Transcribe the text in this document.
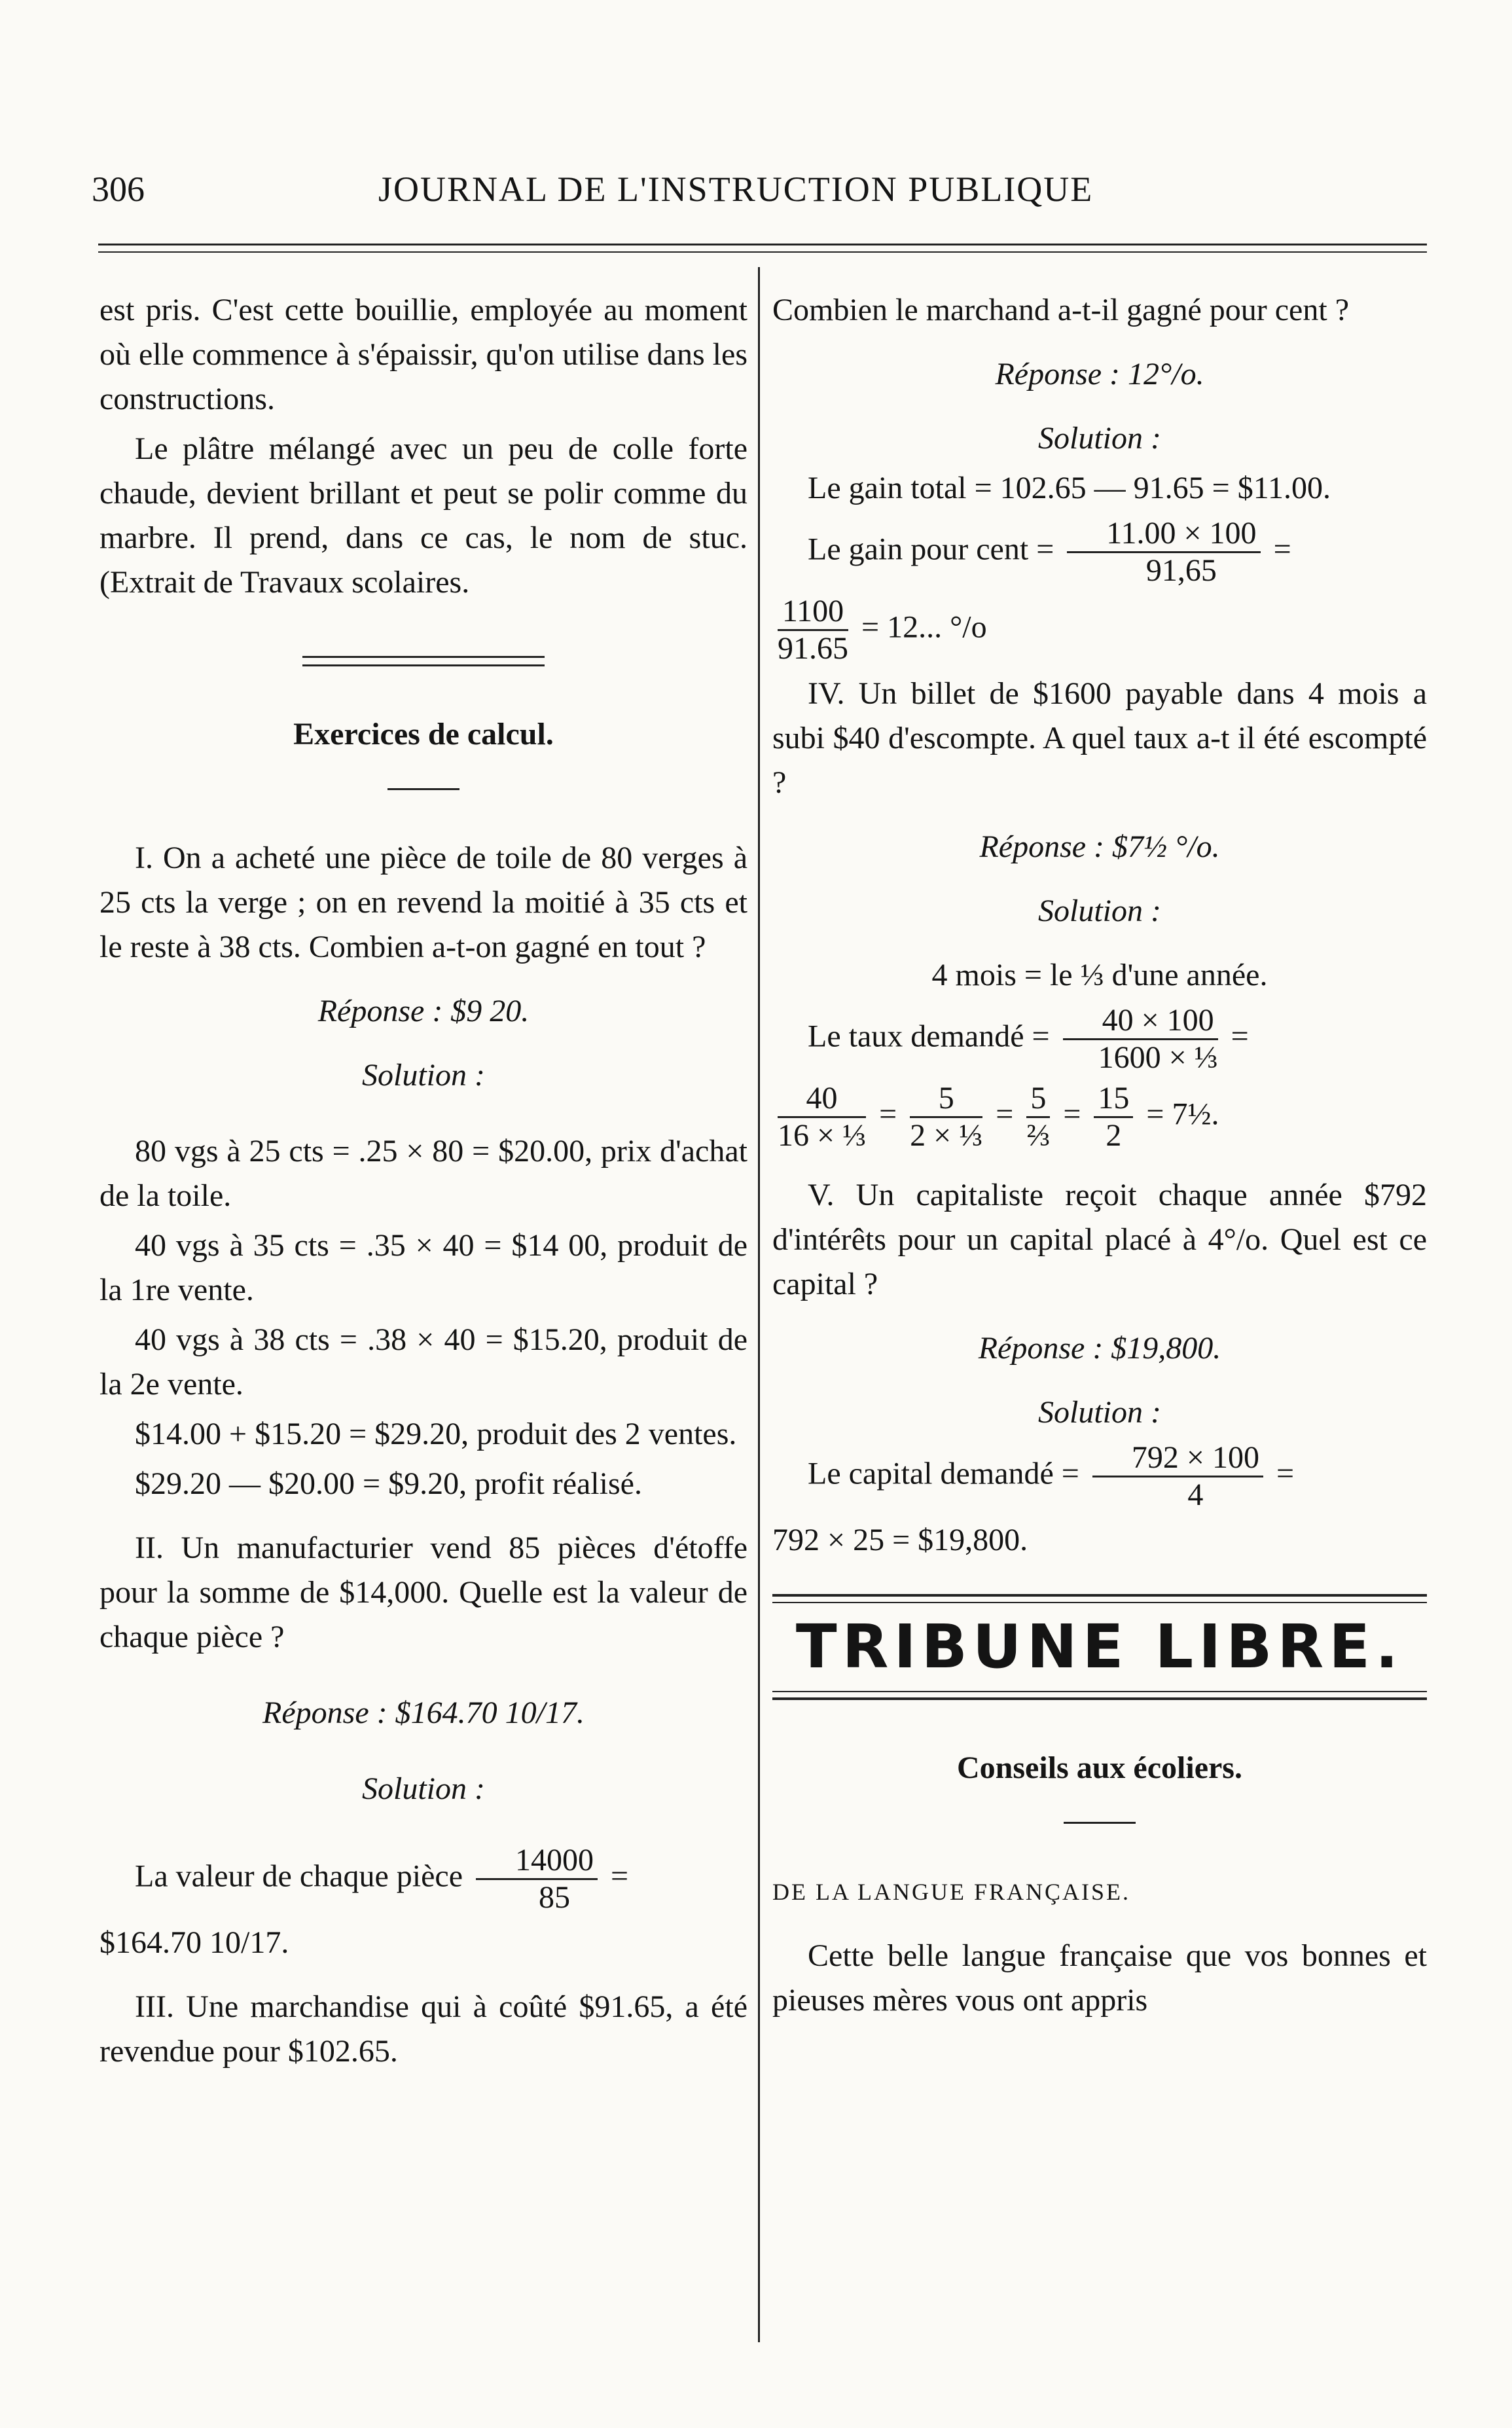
306	JOURNAL DE L'INSTRUCTION PUBLIQUE

est pris. C'est cette bouillie, employée au moment où elle commence à s'épaissir, qu'on utilise dans les constructions.

Le plâtre mélangé avec un peu de colle forte chaude, devient brillant et peut se polir comme du marbre. Il prend, dans ce cas, le nom de stuc. (Extrait de Travaux scolaires.

Exercices de calcul.

I. On a acheté une pièce de toile de 80 verges à 25 cts la verge ; on en revend la moitié à 35 cts et le reste à 38 cts. Combien a-t-on gagné en tout ?

Réponse : $9 20.

Solution :

80 vgs à 25 cts = .25 × 80 = $20.00, prix d'achat de la toile.

40 vgs à 35 cts = .35 × 40 = $14 00, produit de la 1re vente.

40 vgs à 38 cts = .38 × 40 = $15.20, produit de la 2e vente.

$14.00 + $15.20 = $29.20, produit des 2 ventes.

$29.20 — $20.00 = $9.20, profit réalisé.

II. Un manufacturier vend 85 pièces d'étoffe pour la somme de $14,000. Quelle est la valeur de chaque pièce ?

Réponse : $164.70 10/17.

Solution :

La valeur de chaque pièce $\frac{14000}{85}$ =

$164.70 10/17.

III. Une marchandise qui à coûté $91.65, a été revendue pour $102.65.

Combien le marchand a-t-il gagné pour cent ?

Réponse : 12°/o.

Solution :

Le gain total = 102.65 — 91.65 = $11.00.

Le gain pour cent = $\frac{11.00 \times 100}{91,65}$ =

$\frac{1100}{91.65} = 12$... °/o

IV. Un billet de $1600 payable dans 4 mois a subi $40 d'escompte. A quel taux a-t il été escompté ?

Réponse : $7½ °/o.

Solution :

4 mois = le ⅓ d'une année.

Le taux demandé = $\frac{40 \times 100}{\text{1600 × ⅓}}$ =

$\frac{40}{\text{16 × ⅓}} = \frac{5}{\text{2 × ⅓}} = \frac{5}{\text{⅔}} = \frac{15}{2}$ = 7½.

V. Un capitaliste reçoit chaque année $792 d'intérêts pour un capital placé à 4°/o. Quel est ce capital ?

Réponse : $19,800.

Solution :

Le capital demandé = $\frac{792 \times 100}{4}$ =

792 × 25 = $19,800.

TRIBUNE LIBRE.

Conseils aux écoliers.

DE LA LANGUE FRANÇAISE.

Cette belle langue française que vos bonnes et pieuses mères vous ont appris
